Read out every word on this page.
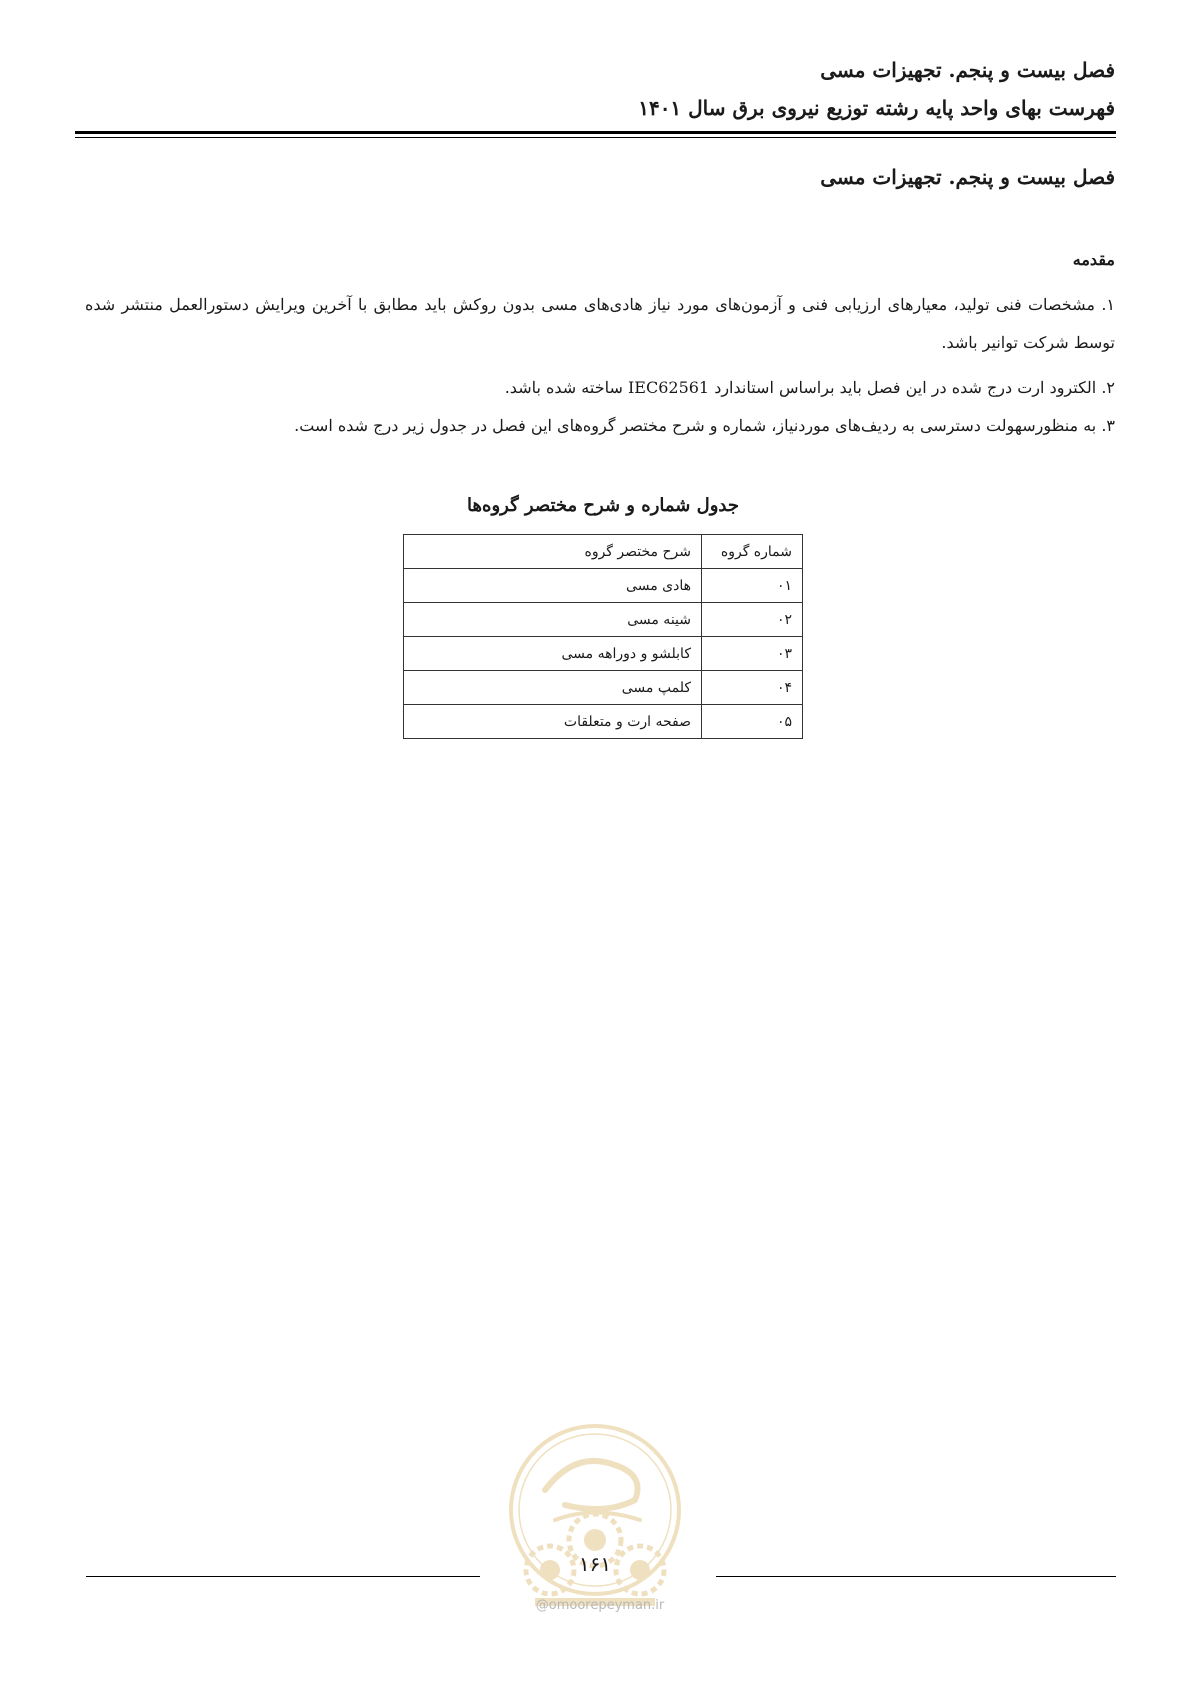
فصل بیست و پنجم. تجهیزات مسی
فهرست بهای واحد پایه رشته توزیع نیروی برق سال ۱۴۰۱
فصل بیست و پنجم. تجهیزات مسی
مقدمه
۱. مشخصات فنی تولید، معیارهای ارزیابی فنی و آزمون‌های مورد نیاز هادی‌های مسی بدون روکش باید مطابق با آخرین ویرایش دستورالعمل منتشر شده توسط شرکت توانیر باشد.
۲. الکترود ارت درج شده در این فصل باید براساس استاندارد IEC62561 ساخته شده باشد.
۳. به منظورسهولت دسترسی به ردیف‌های موردنیاز، شماره و شرح مختصر گروه‌های این فصل در جدول زیر درج شده است.
جدول شماره و شرح مختصر گروه‌ها
شماره گروه	شرح مختصر گروه
۰۱	هادی مسی
۰۲	شینه مسی
۰۳	کابلشو و دوراهه مسی
۰۴	کلمپ مسی
۰۵	صفحه ارت و متعلقات
۱۶۱
@omoorepeyman.ir
